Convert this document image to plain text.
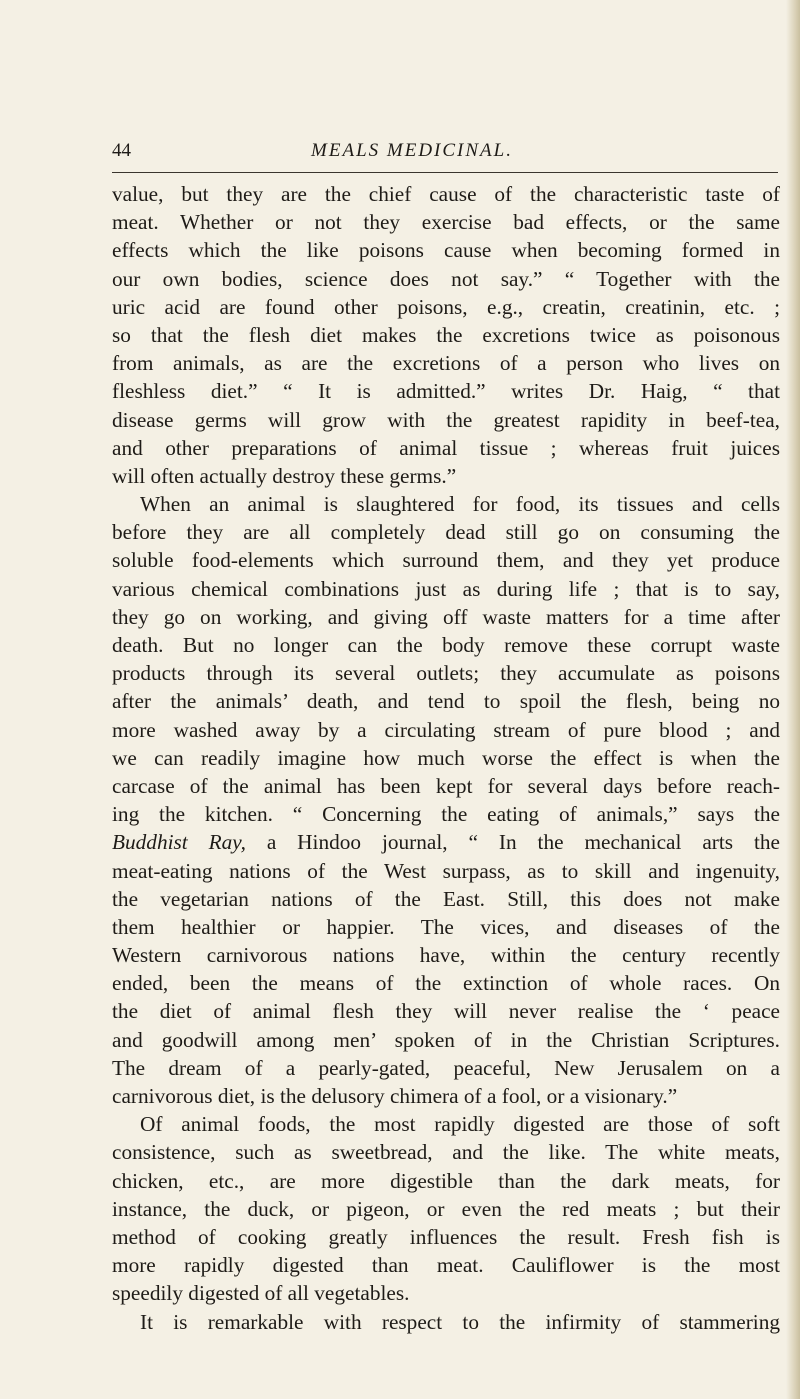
44	MEALS MEDICINAL.
value, but they are the chief cause of the characteristic taste of
meat. Whether or not they exercise bad effects, or the same
effects which the like poisons cause when becoming formed in
our own bodies, science does not say.” “ Together with the
uric acid are found other poisons, e.g., creatin, creatinin, etc. ;
so that the flesh diet makes the excretions twice as poisonous
from animals, as are the excretions of a person who lives on
fleshless diet.” “ It is admitted.” writes Dr. Haig, “ that
disease germs will grow with the greatest rapidity in beef-tea,
and other preparations of animal tissue ; whereas fruit juices
will often actually destroy these germs.”
When an animal is slaughtered for food, its tissues and cells
before they are all completely dead still go on consuming the
soluble food-elements which surround them, and they yet produce
various chemical combinations just as during life ; that is to say,
they go on working, and giving off waste matters for a time after
death. But no longer can the body remove these corrupt waste
products through its several outlets; they accumulate as poisons
after the animals’ death, and tend to spoil the flesh, being no
more washed away by a circulating stream of pure blood ; and
we can readily imagine how much worse the effect is when the
carcase of the animal has been kept for several days before reach-
ing the kitchen. “ Concerning the eating of animals,” says the
Buddhist Ray, a Hindoo journal, “ In the mechanical arts the
meat-eating nations of the West surpass, as to skill and ingenuity,
the vegetarian nations of the East. Still, this does not make
them healthier or happier. The vices, and diseases of the
Western carnivorous nations have, within the century recently
ended, been the means of the extinction of whole races. On
the diet of animal flesh they will never realise the ‘ peace
and goodwill among men’ spoken of in the Christian Scriptures.
The dream of a pearly-gated, peaceful, New Jerusalem on a
carnivorous diet, is the delusory chimera of a fool, or a visionary.”
Of animal foods, the most rapidly digested are those of soft
consistence, such as sweetbread, and the like. The white meats,
chicken, etc., are more digestible than the dark meats, for
instance, the duck, or pigeon, or even the red meats ; but their
method of cooking greatly influences the result. Fresh fish is
more rapidly digested than meat. Cauliflower is the most
speedily digested of all vegetables.
It is remarkable with respect to the infirmity of stammering
